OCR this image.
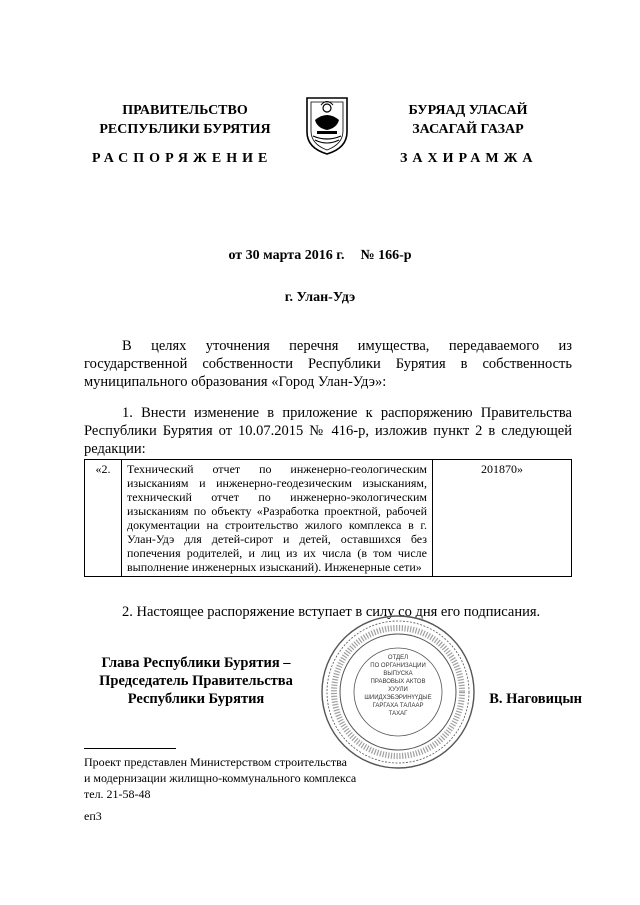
ПРАВИТЕЛЬСТВО
РЕСПУБЛИКИ БУРЯТИЯ
РАСПОРЯЖЕНИЕ
БУРЯАД УЛАСАЙ
ЗАСАГАЙ ГАЗАР
ЗАХИРАМЖА
от 30 марта 2016 г. № 166-р
г. Улан-Удэ
В целях уточнения перечня имущества, передаваемого из государственной собственности Республики Бурятия в собственность муниципального образования «Город Улан-Удэ»:
1. Внести изменение в приложение к распоряжению Правительства Республики Бурятия от 10.07.2015 № 416-р, изложив пункт 2 в следующей редакции:
«2.	Технический отчет по инженерно-геологическим изысканиям и инженерно-геодезическим изысканиям, технический отчет по инженерно-экологическим изысканиям по объекту «Разработка проектной, рабочей документации на строительство жилого комплекса в г. Улан-Удэ для детей-сирот и детей, оставшихся без попечения родителей, и лиц из их числа (в том числе выполнение инженерных изысканий). Инженерные сети»	201870»
2. Настоящее распоряжение вступает в силу со дня его подписания.
Глава Республики Бурятия –
Председатель Правительства
Республики Бурятия	В. Наговицын
ОТДЕЛ
ПО ОРГАНИЗАЦИИ
ВЫПУСКА
ПРАВОВЫХ АКТОВ
ХУУЛИ
ШИИДХЭБЭРИНҮҮДЫЕ
ГАРГАХА ТАЛААР
ТАХАГ
Проект представлен Министерством строительства
и модернизации жилищно-коммунального комплекса
тел. 21-58-48
еп3
